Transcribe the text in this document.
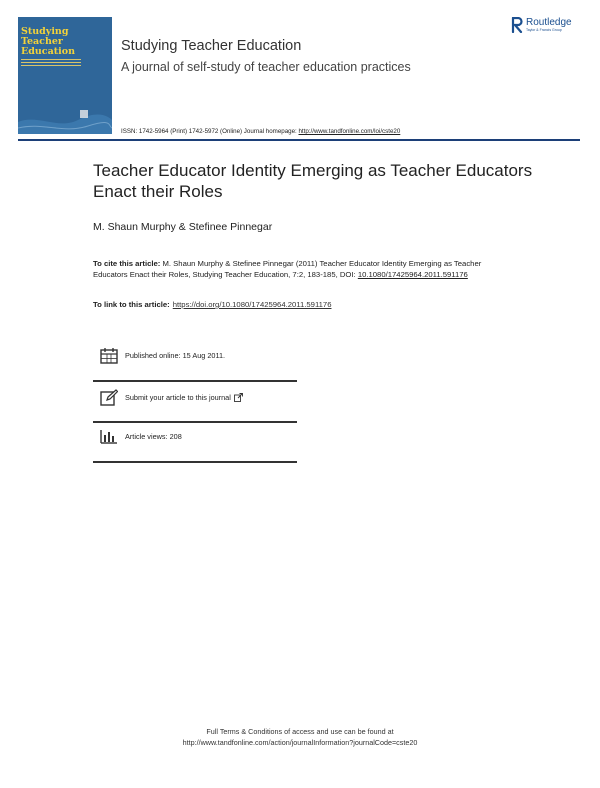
Studying
Teacher Education	Studying Teacher Education
A journal of self-study of teacher education practices
Routledge
Taylor & Francis Group
ISSN: 1742-5964 (Print) 1742-5972 (Online) Journal homepage: http://www.tandfonline.com/loi/cste20
Teacher Educator Identity Emerging as Teacher Educators Enact their Roles
M. Shaun Murphy & Stefinee Pinnegar
To cite this article: M. Shaun Murphy & Stefinee Pinnegar (2011) Teacher Educator Identity Emerging as Teacher Educators Enact their Roles, Studying Teacher Education, 7:2, 183-185, DOI: 10.1080/17425964.2011.591176
To link to this article: https://doi.org/10.1080/17425964.2011.591176
Published online: 15 Aug 2011.
Submit your article to this journal
Article views: 208
Full Terms & Conditions of access and use can be found at
http://www.tandfonline.com/action/journalInformation?journalCode=cste20
